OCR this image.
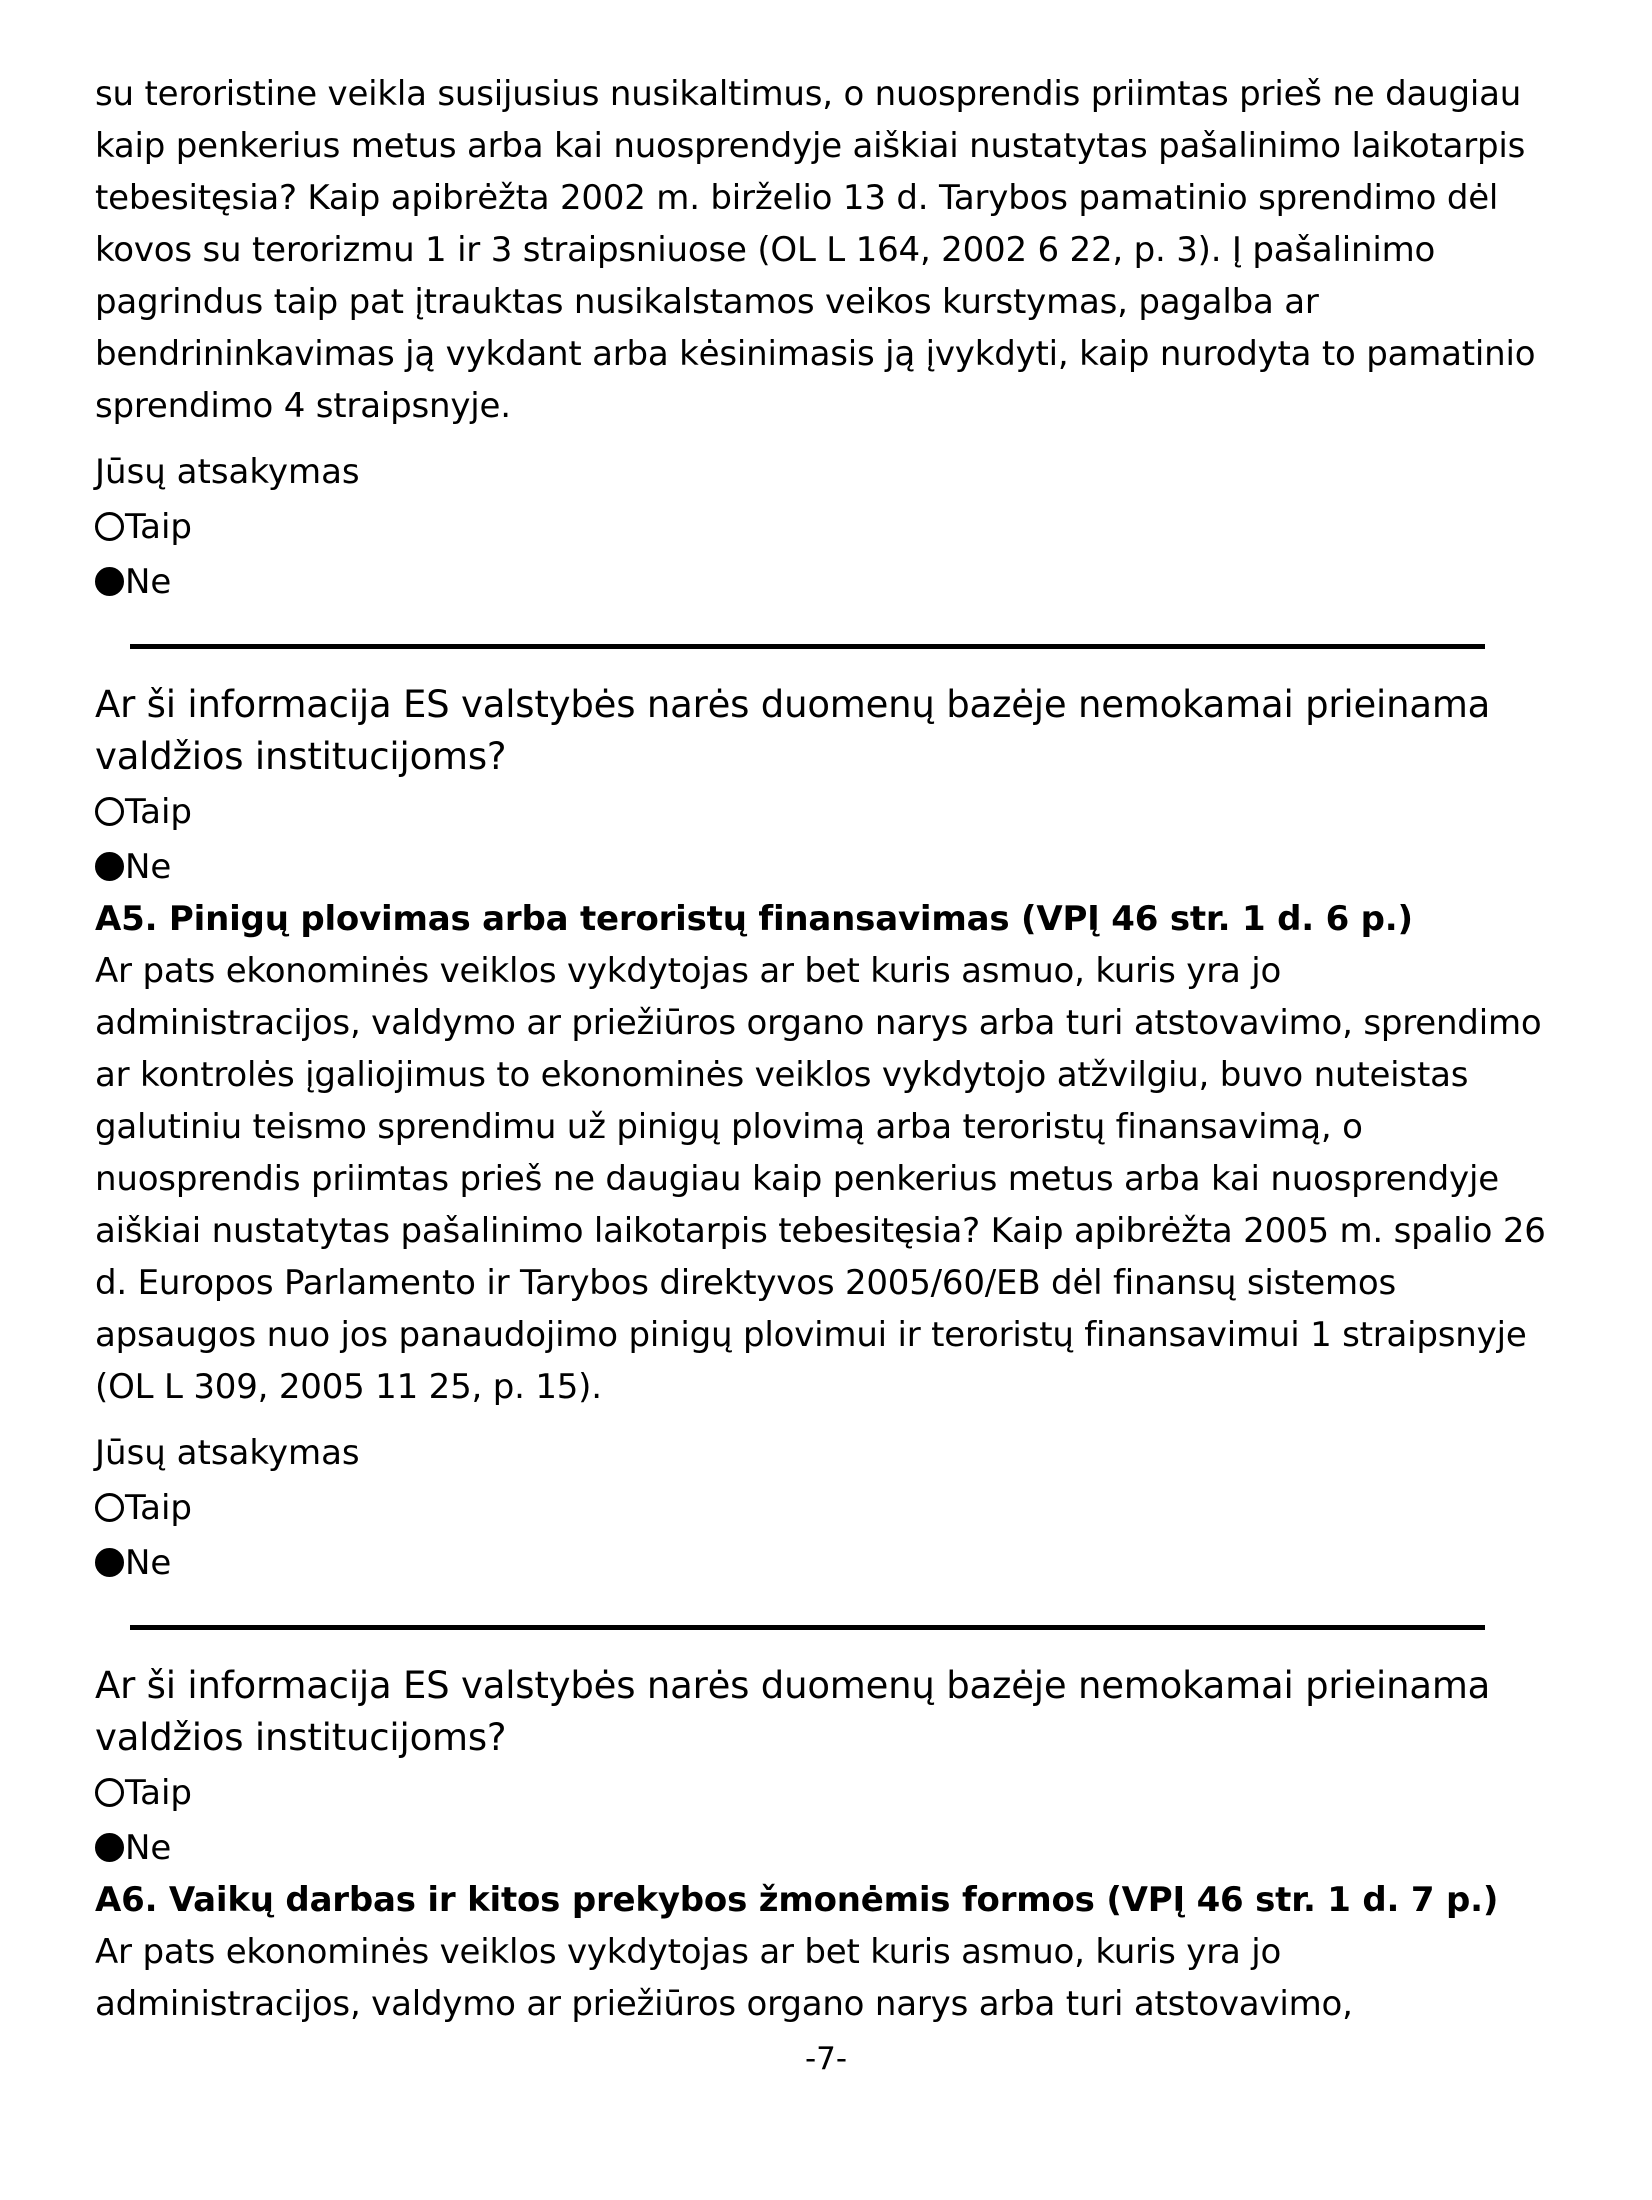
su teroristine veikla susijusius nusikaltimus, o nuosprendis priimtas prieš ne daugiau kaip penkerius metus arba kai nuosprendyje aiškiai nustatytas pašalinimo laikotarpis tebesitęsia? Kaip apibrėžta 2002 m. birželio 13 d. Tarybos pamatinio sprendimo dėl kovos su terorizmu 1 ir 3 straipsniuose (OL L 164, 2002 6 22, p. 3). Į pašalinimo pagrindus taip pat įtrauktas nusikalstamos veikos kurstymas, pagalba ar bendrininkavimas ją vykdant arba kėsinimasis ją įvykdyti, kaip nurodyta to pamatinio sprendimo 4 straipsnyje.

Jūsų atsakymas
Taip
Ne

Ar ši informacija ES valstybės narės duomenų bazėje nemokamai prieinama valdžios institucijoms?

Taip
Ne

A5. Pinigų plovimas arba teroristų finansavimas (VPĮ 46 str. 1 d. 6 p.)

Ar pats ekonominės veiklos vykdytojas ar bet kuris asmuo, kuris yra jo administracijos, valdymo ar priežiūros organo narys arba turi atstovavimo, sprendimo ar kontrolės įgaliojimus to ekonominės veiklos vykdytojo atžvilgiu, buvo nuteistas galutiniu teismo sprendimu už pinigų plovimą arba teroristų finansavimą, o nuosprendis priimtas prieš ne daugiau kaip penkerius metus arba kai nuosprendyje aiškiai nustatytas pašalinimo laikotarpis tebesitęsia? Kaip apibrėžta 2005 m. spalio 26 d. Europos Parlamento ir Tarybos direktyvos 2005/60/EB dėl finansų sistemos apsaugos nuo jos panaudojimo pinigų plovimui ir teroristų finansavimui 1 straipsnyje (OL L 309, 2005 11 25, p. 15).

Jūsų atsakymas
Taip
Ne

Ar ši informacija ES valstybės narės duomenų bazėje nemokamai prieinama valdžios institucijoms?

Taip
Ne

A6. Vaikų darbas ir kitos prekybos žmonėmis formos (VPĮ 46 str. 1 d. 7 p.)

Ar pats ekonominės veiklos vykdytojas ar bet kuris asmuo, kuris yra jo administracijos, valdymo ar priežiūros organo narys arba turi atstovavimo,

-7-
